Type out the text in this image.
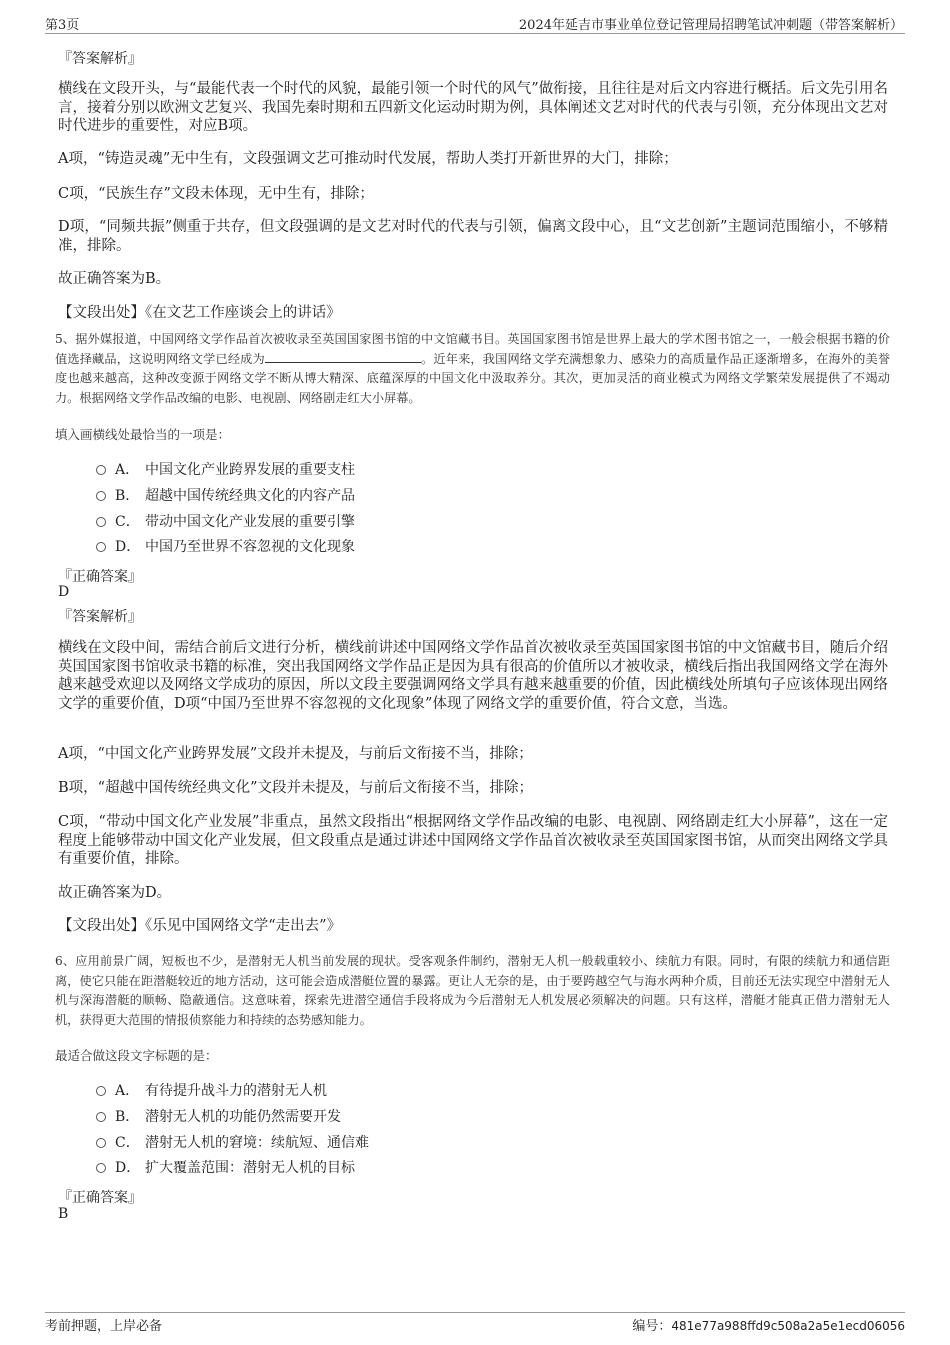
第3页	2024年延吉市事业单位登记管理局招聘笔试冲刺题（带答案解析）
『答案解析』
横线在文段开头，与“最能代表一个时代的风貌，最能引领一个时代的风气”做衔接，且往往是对后文内容进行概括。后文先引用名言，接着分别以欧洲文艺复兴、我国先秦时期和五四新文化运动时期为例，具体阐述文艺对时代的代表与引领，充分体现出文艺对时代进步的重要性，对应B项。
A项，“铸造灵魂”无中生有，文段强调文艺可推动时代发展，帮助人类打开新世界的大门，排除；
C项，“民族生存”文段未体现，无中生有，排除；
D项，“同频共振”侧重于共存，但文段强调的是文艺对时代的代表与引领，偏离文段中心，且“文艺创新”主题词范围缩小，不够精准，排除。
故正确答案为B。
【文段出处】《在文艺工作座谈会上的讲话》
5、据外媒报道，中国网络文学作品首次被收录至英国国家图书馆的中文馆藏书目。英国国家图书馆是世界上最大的学术图书馆之一，一般会根据书籍的价值选择藏品，这说明网络文学已经成为	。近年来，我国网络文学充满想象力、感染力的高质量作品正逐渐增多，在海外的美誉度也越来越高，这种改变源于网络文学不断从博大精深、底蕴深厚的中国文化中汲取养分。其次，更加灵活的商业模式为网络文学繁荣发展提供了不竭动力。根据网络文学作品改编的电影、电视剧、网络剧走红大小屏幕。
填入画横线处最恰当的一项是：
A． 中国文化产业跨界发展的重要支柱
B． 超越中国传统经典文化的内容产品
C． 带动中国文化产业发展的重要引擎
D． 中国乃至世界不容忽视的文化现象
『正确答案』
D
『答案解析』
横线在文段中间，需结合前后文进行分析，横线前讲述中国网络文学作品首次被收录至英国国家图书馆的中文馆藏书目，随后介绍英国国家图书馆收录书籍的标准，突出我国网络文学作品正是因为具有很高的价值所以才被收录，横线后指出我国网络文学在海外越来越受欢迎以及网络文学成功的原因，所以文段主要强调网络文学具有越来越重要的价值，因此横线处所填句子应该体现出网络文学的重要价值，D项“中国乃至世界不容忽视的文化现象”体现了网络文学的重要价值，符合文意，当选。
A项，“中国文化产业跨界发展”文段并未提及，与前后文衔接不当，排除；
B项，“超越中国传统经典文化”文段并未提及，与前后文衔接不当，排除；
C项，“带动中国文化产业发展”非重点，虽然文段指出“根据网络文学作品改编的电影、电视剧、网络剧走红大小屏幕”，这在一定程度上能够带动中国文化产业发展，但文段重点是通过讲述中国网络文学作品首次被收录至英国国家图书馆，从而突出网络文学具有重要价值，排除。
故正确答案为D。
【文段出处】《乐见中国网络文学“走出去”》
6、应用前景广阔，短板也不少，是潜射无人机当前发展的现状。受客观条件制约，潜射无人机一般载重较小、续航力有限。同时，有限的续航力和通信距离，使它只能在距潜艇较近的地方活动，这可能会造成潜艇位置的暴露。更让人无奈的是，由于要跨越空气与海水两种介质，目前还无法实现空中潜射无人机与深海潜艇的顺畅、隐蔽通信。这意味着，探索先进潜空通信手段将成为今后潜射无人机发展必须解决的问题。只有这样，潜艇才能真正借力潜射无人机，获得更大范围的情报侦察能力和持续的态势感知能力。
最适合做这段文字标题的是：
A． 有待提升战斗力的潜射无人机
B． 潜射无人机的功能仍然需要开发
C． 潜射无人机的窘境：续航短、通信难
D． 扩大覆盖范围：潜射无人机的目标
『正确答案』
B
考前押题，上岸必备	编号：481e77a988ffd9c508a2a5e1ecd06056
